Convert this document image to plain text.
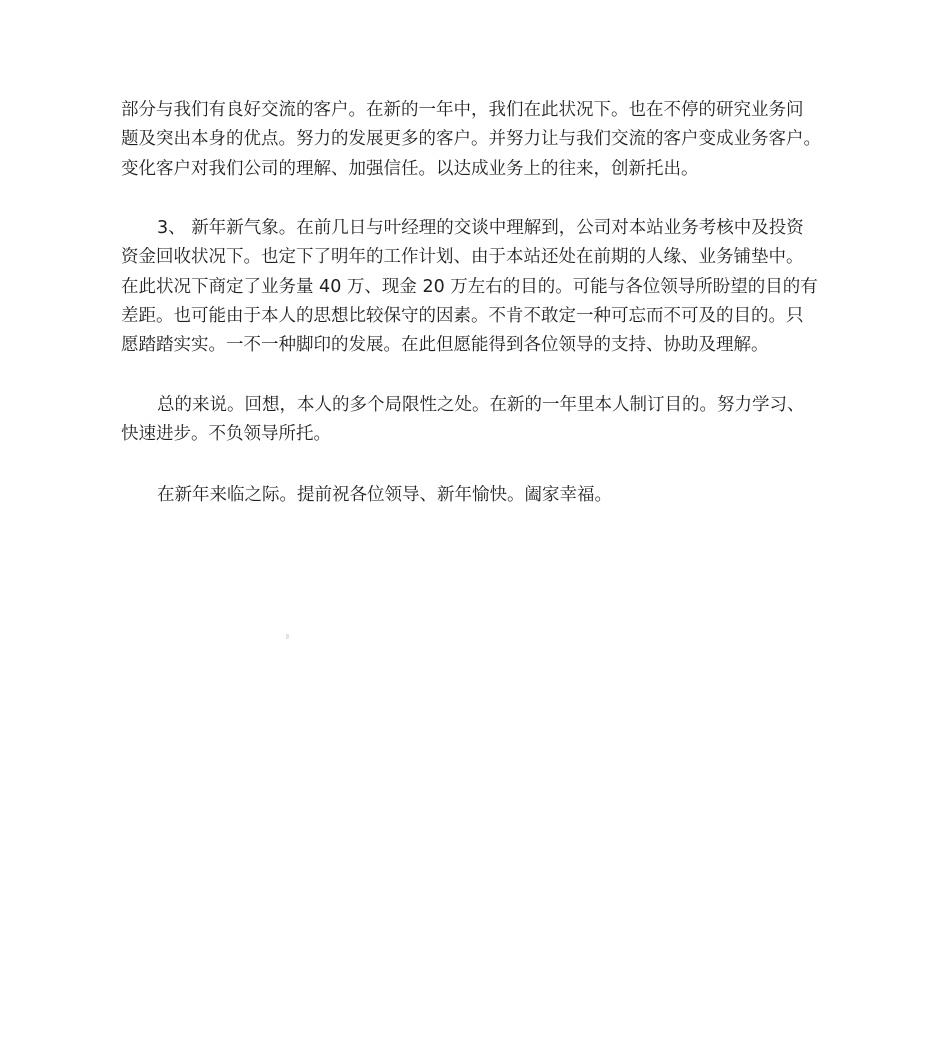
部分与我们有良好交流的客户。在新的一年中，我们在此状况下。也在不停的研究业务问
题及突出本身的优点。努力的发展更多的客户。并努力让与我们交流的客户变成业务客户。
变化客户对我们公司的理解、加强信任。以达成业务上的往来，创新托出。

3、 新年新气象。在前几日与叶经理的交谈中理解到，公司对本站业务考核中及投资
资金回收状况下。也定下了明年的工作计划、由于本站还处在前期的人缘、业务铺垫中。
在此状况下商定了业务量 40 万、现金 20 万左右的目的。可能与各位领导所盼望的目的有
差距。也可能由于本人的思想比较保守的因素。不肯不敢定一种可忘而不可及的目的。只
愿踏踏实实。一不一种脚印的发展。在此但愿能得到各位领导的支持、协助及理解。

总的来说。回想，本人的多个局限性之处。在新的一年里本人制订目的。努力学习、
快速进步。不负领导所托。

在新年来临之际。提前祝各位领导、新年愉快。阖家幸福。
